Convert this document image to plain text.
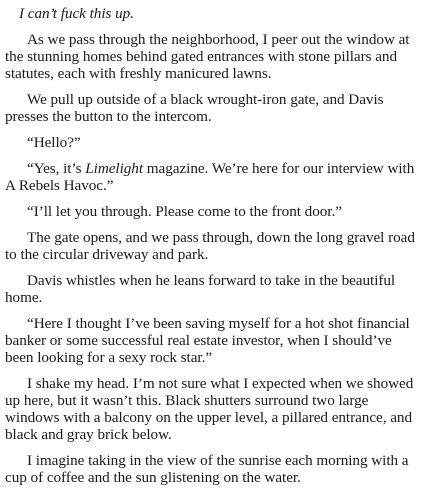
I can’t fuck this up.

As we pass through the neighborhood, I peer out the window at the stunning homes behind gated entrances with stone pillars and statutes, each with freshly manicured lawns.

We pull up outside of a black wrought-iron gate, and Davis presses the button to the intercom.

“Hello?”

“Yes, it’s Limelight magazine. We’re here for our interview with A Rebels Havoc.”

“I’ll let you through. Please come to the front door.”

The gate opens, and we pass through, down the long gravel road to the circular driveway and park.

Davis whistles when he leans forward to take in the beautiful home.

“Here I thought I’ve been saving myself for a hot shot financial banker or some successful real estate investor, when I should’ve been looking for a sexy rock star.”

I shake my head. I’m not sure what I expected when we showed up here, but it wasn’t this. Black shutters surround two large windows with a balcony on the upper level, a pillared entrance, and black and gray brick below.

I imagine taking in the view of the sunrise each morning with a cup of coffee and the sun glistening on the water.
